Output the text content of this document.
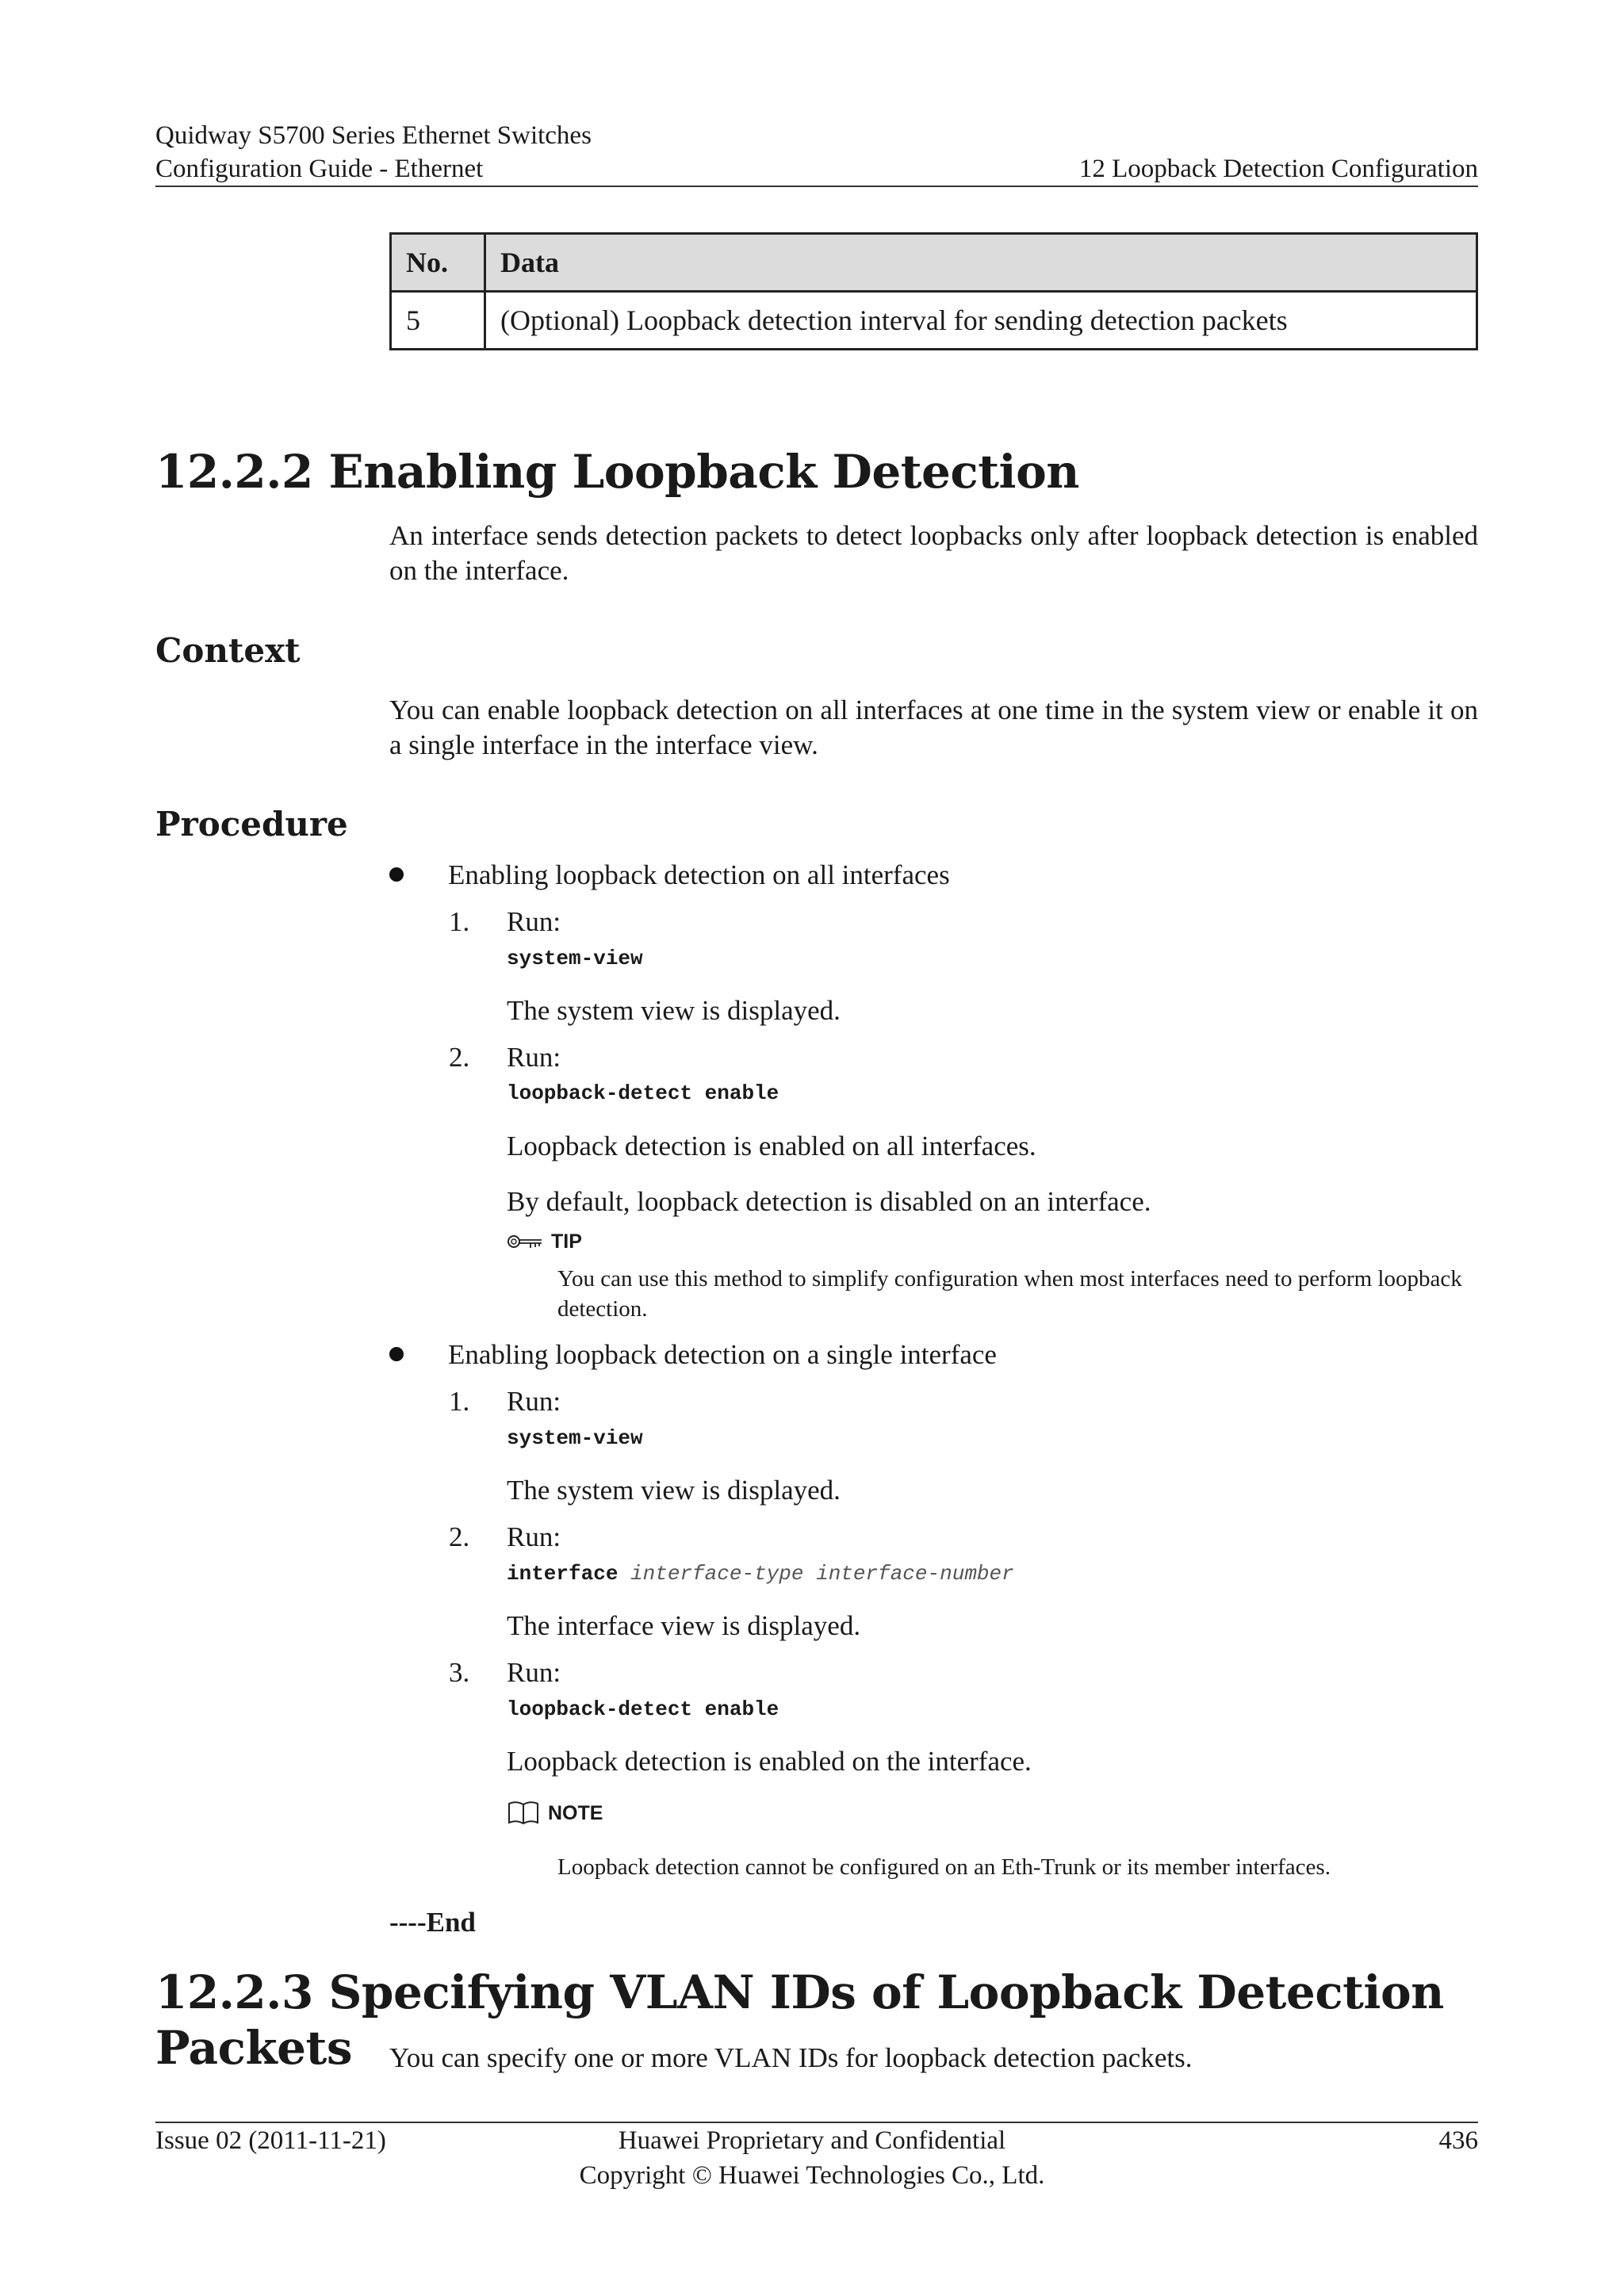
Quidway S5700 Series Ethernet Switches
Configuration Guide - Ethernet	12 Loopback Detection Configuration
No.	Data
5	(Optional) Loopback detection interval for sending detection packets
12.2.2 Enabling Loopback Detection
An interface sends detection packets to detect loopbacks only after loopback detection is enabled on the interface.
Context
You can enable loopback detection on all interfaces at one time in the system view or enable it on a single interface in the interface view.
Procedure
Enabling loopback detection on all interfaces
1. Run:
system-view
The system view is displayed.
2. Run:
loopback-detect enable
Loopback detection is enabled on all interfaces.
By default, loopback detection is disabled on an interface.
TIP
You can use this method to simplify configuration when most interfaces need to perform loopback detection.
Enabling loopback detection on a single interface
1. Run:
system-view
The system view is displayed.
2. Run:
interface interface-type interface-number
The interface view is displayed.
3. Run:
loopback-detect enable
Loopback detection is enabled on the interface.
NOTE
Loopback detection cannot be configured on an Eth-Trunk or its member interfaces.
----End
12.2.3 Specifying VLAN IDs of Loopback Detection Packets	You can specify one or more VLAN IDs for loopback detection packets.
Issue 02 (2011-11-21)	Huawei Proprietary and Confidential
Copyright © Huawei Technologies Co., Ltd.
436
